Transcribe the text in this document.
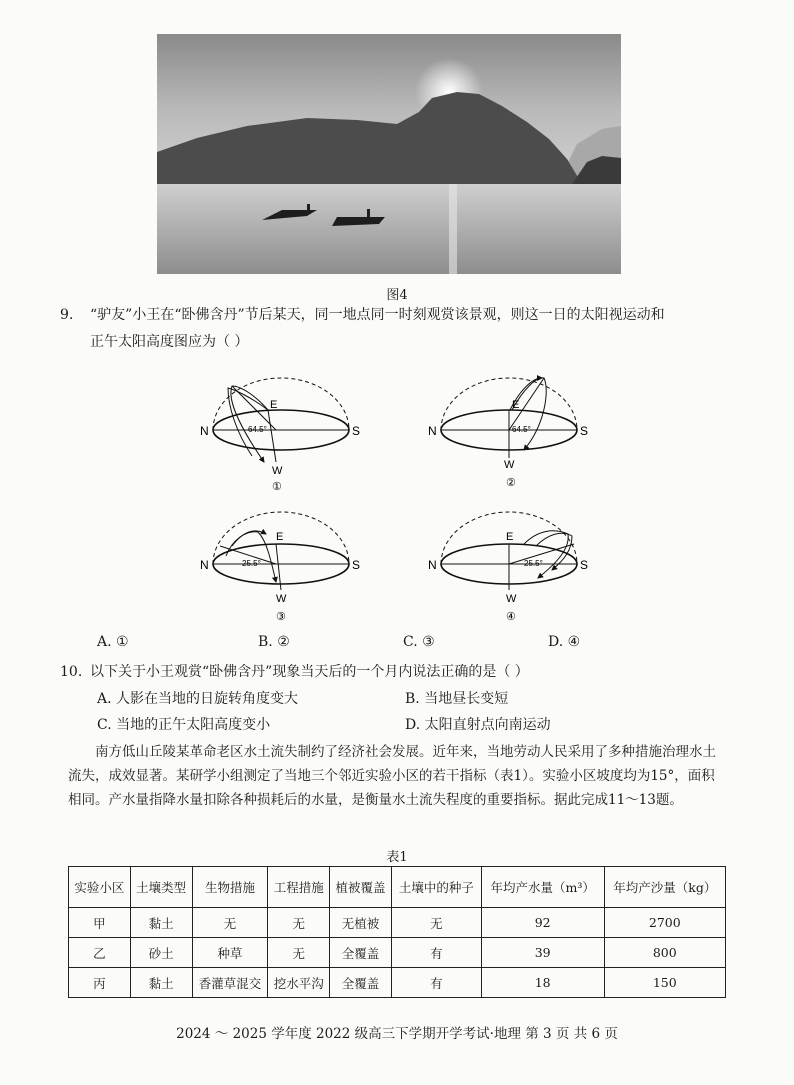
图4
9. “驴友”小王在“卧佛含丹”节后某天，同一地点同一时刻观赏该景观，则这一日的太阳视运动和
正午太阳高度图应为（ ）
N	S
E
W
64.5°
①
N	S
E
W
64.5°
②
N	S
E
W
25.5°
③
N	S
E
W
25.5°
④
A. ①	B. ②	C. ③	D. ④
10. 以下关于小王观赏“卧佛含丹”现象当天后的一个月内说法正确的是（ ）
A. 人影在当地的日旋转角度变大	B. 当地昼长变短
C. 当地的正午太阳高度变小	D. 太阳直射点向南运动
南方低山丘陵某革命老区水土流失制约了经济社会发展。近年来，当地劳动人民采用了多种措施治理水土流失，成效显著。某研学小组测定了当地三个邻近实验小区的若干指标（表1）。实验小区坡度均为15°，面积相同。产水量指降水量扣除各种损耗后的水量，是衡量水土流失程度的重要指标。据此完成11～13题。
表1
实验小区	土壤类型	生物措施	工程措施	植被覆盖	土壤中的种子	年均产水量（m³）	年均产沙量（kg）
甲	黏土	无	无	无植被	无	92	2700
乙	砂土	种草	无	全覆盖	有	39	800
丙	黏土	香灌草混交	挖水平沟	全覆盖	有	18	150
2024 ～ 2025 学年度 2022 级高三下学期开学考试·地理 第 3 页 共 6 页
